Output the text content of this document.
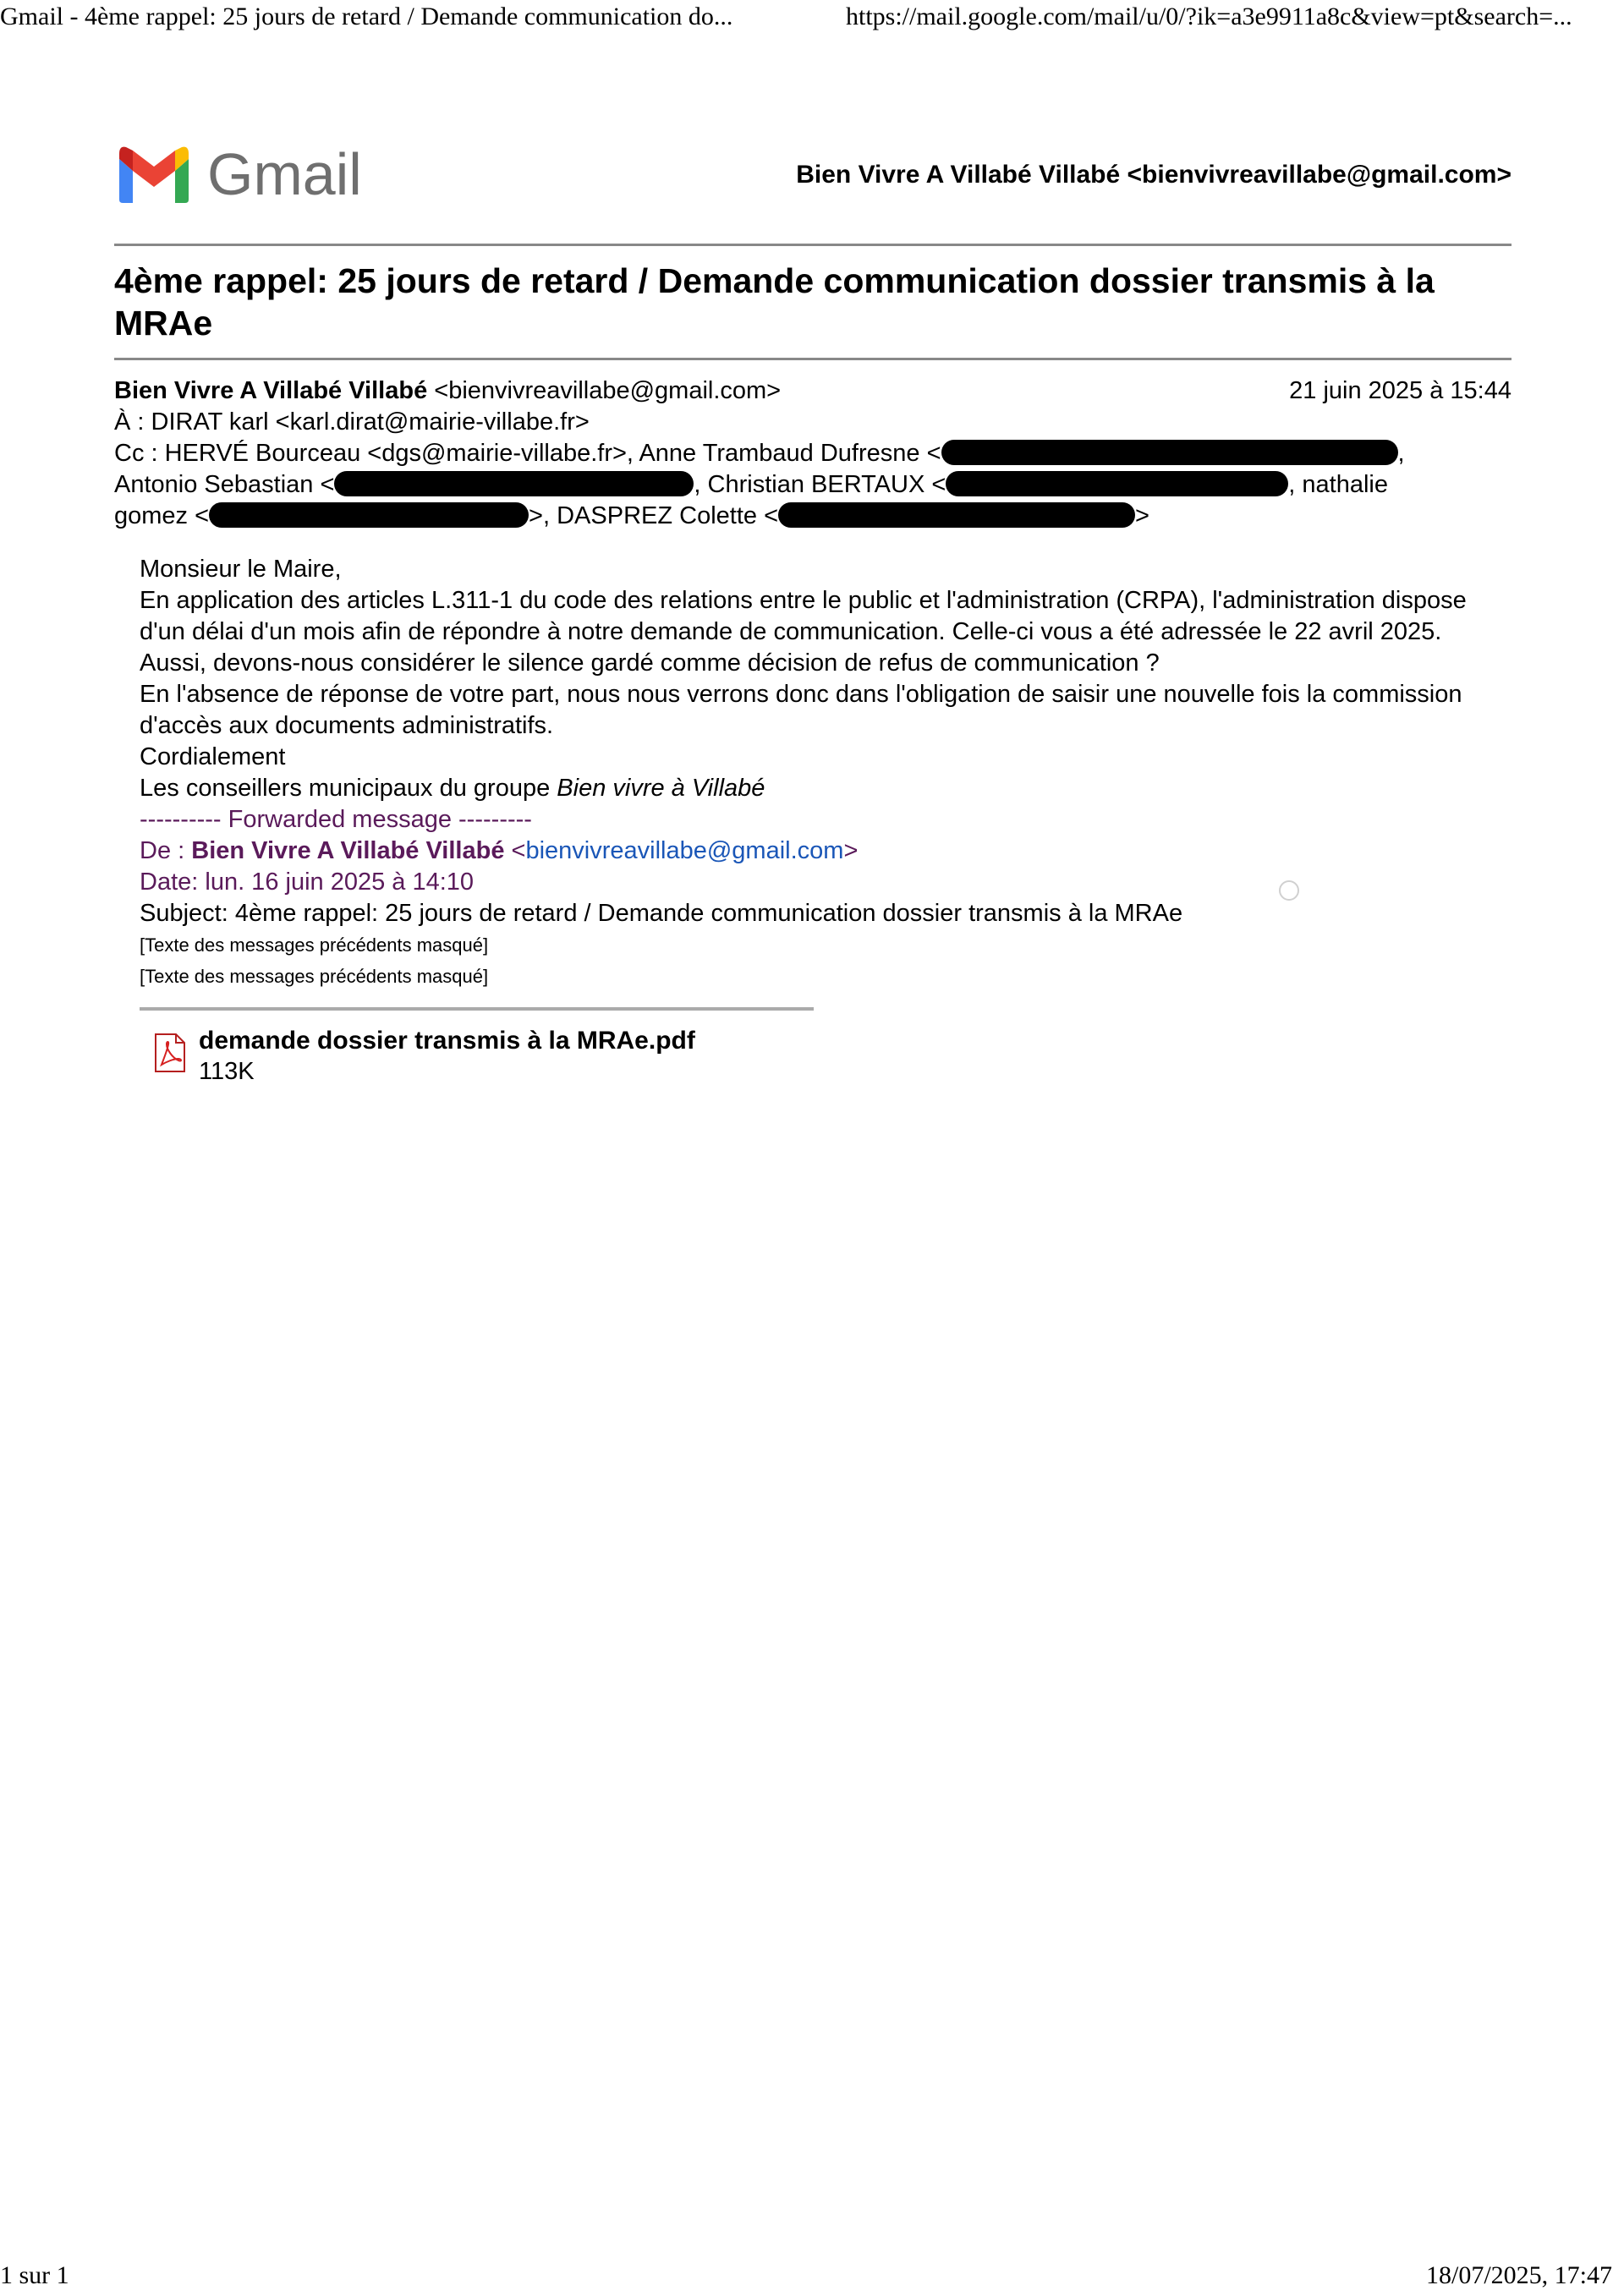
Gmail - 4ème rappel: 25 jours de retard / Demande communication do...	https://mail.google.com/mail/u/0/?ik=a3e9911a8c&view=pt&search=...
Gmail	Bien Vivre A Villabé Villabé <bienvivreavillabe@gmail.com>
4ème rappel: 25 jours de retard / Demande communication dossier transmis à la MRAe
Bien Vivre A Villabé Villabé <bienvivreavillabe@gmail.com>	21 juin 2025 à 15:44
À : DIRAT karl <karl.dirat@mairie-villabe.fr>
Cc : HERVÉ Bourceau <dgs@mairie-villabe.fr>, Anne Trambaud Dufresne <	,
Antonio Sebastian <	, Christian BERTAUX <	, nathalie
gomez <	>, DASPREZ Colette <	>

Monsieur le Maire,

En application des articles L.311-1 du code des relations entre le public et l'administration (CRPA), l'administration dispose d'un délai d'un mois afin de répondre à notre demande de communication. Celle-ci vous a été adressée le 22 avril 2025.

Aussi, devons-nous considérer le silence gardé comme décision de refus de communication ?

En l'absence de réponse de votre part, nous nous verrons donc dans l'obligation de saisir une nouvelle fois la commission d'accès aux documents administratifs.

Cordialement

Les conseillers municipaux du groupe Bien vivre à Villabé

---------- Forwarded message ---------

De : Bien Vivre A Villabé Villabé <bienvivreavillabe@gmail.com>

Date: lun. 16 juin 2025 à 14:10

Subject: 4ème rappel: 25 jours de retard / Demande communication dossier transmis à la MRAe

[Texte des messages précédents masqué]

[Texte des messages précédents masqué]

demande dossier transmis à la MRAe.pdf
113K
1 sur 1	18/07/2025, 17:47
